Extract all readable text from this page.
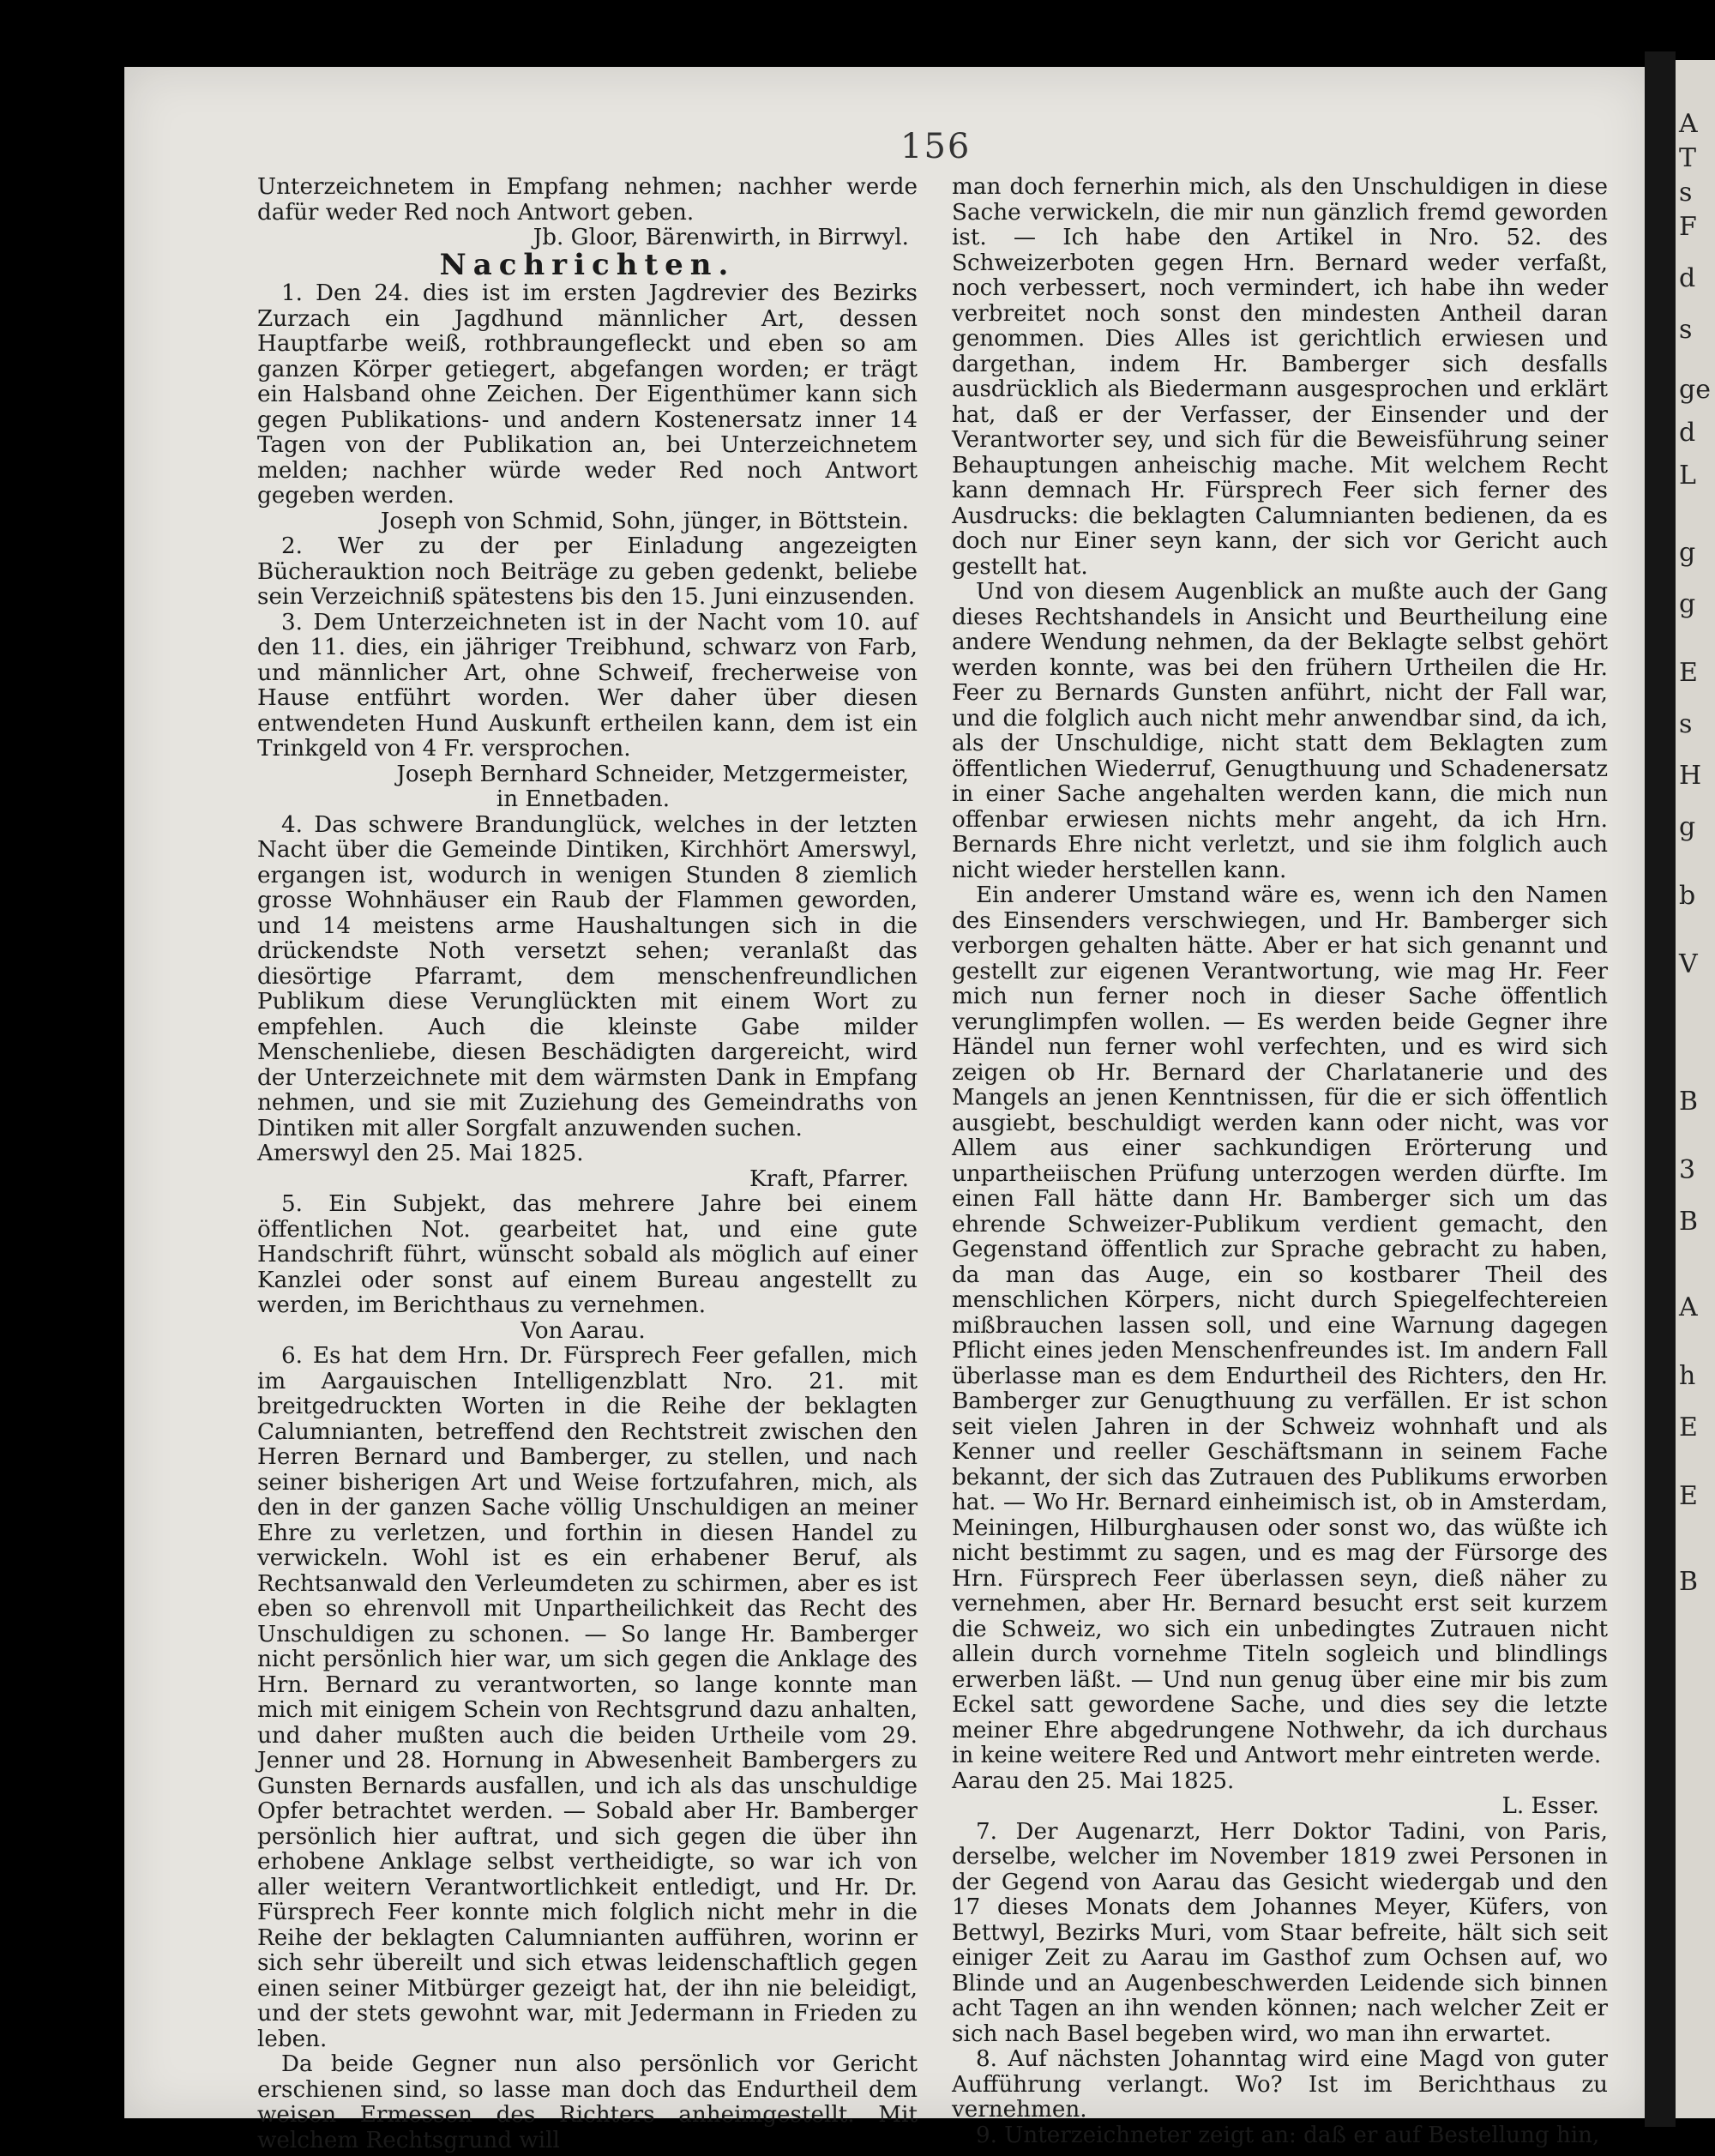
A
T
s
F
d
s
ge
d
L
g
g
E
s
H
g
b
V
B
3
B
A
h
E
E
B
156

Unterzeichnetem in Empfang nehmen; nachher werde dafür weder Red noch Antwort geben.

Jb. Gloor, Bärenwirth, in Birrwyl.

Nachrichten.

1. Den 24. dies ist im ersten Jagdrevier des Bezirks Zurzach ein Jagdhund männlicher Art, dessen Hauptfarbe weiß, rothbraungefleckt und eben so am ganzen Körper getiegert, abgefangen worden; er trägt ein Halsband ohne Zeichen. Der Eigenthümer kann sich gegen Publikations- und andern Kostenersatz inner 14 Tagen von der Publikation an, bei Unterzeichnetem melden; nachher würde weder Red noch Antwort gegeben werden.

Joseph von Schmid, Sohn, jünger, in Böttstein.

2. Wer zu der per Einladung angezeigten Bücherauktion noch Beiträge zu geben gedenkt, beliebe sein Verzeichniß spätestens bis den 15. Juni einzusenden.

3. Dem Unterzeichneten ist in der Nacht vom 10. auf den 11. dies, ein jähriger Treibhund, schwarz von Farb, und männlicher Art, ohne Schweif, frecherweise von Hause entführt worden. Wer daher über diesen entwendeten Hund Auskunft ertheilen kann, dem ist ein Trinkgeld von 4 Fr. versprochen.

Joseph Bernhard Schneider, Metzgermeister,

in Ennetbaden.

4. Das schwere Brandunglück, welches in der letzten Nacht über die Gemeinde Dintiken, Kirchhört Amerswyl, ergangen ist, wodurch in wenigen Stunden 8 ziemlich grosse Wohnhäuser ein Raub der Flammen geworden, und 14 meistens arme Haushaltungen sich in die drückendste Noth versetzt sehen; veranlaßt das diesörtige Pfarramt, dem menschenfreundlichen Publikum diese Verunglückten mit einem Wort zu empfehlen. Auch die kleinste Gabe milder Menschenliebe, diesen Beschädigten dargereicht, wird der Unterzeichnete mit dem wärmsten Dank in Empfang nehmen, und sie mit Zuziehung des Gemeindraths von Dintiken mit aller Sorgfalt anzuwenden suchen.

Amerswyl den 25. Mai 1825.

Kraft, Pfarrer.

5. Ein Subjekt, das mehrere Jahre bei einem öffentlichen Not. gearbeitet hat, und eine gute Handschrift führt, wünscht sobald als möglich auf einer Kanzlei oder sonst auf einem Bureau angestellt zu werden, im Berichthaus zu vernehmen.

Von Aarau.

6. Es hat dem Hrn. Dr. Fürsprech Feer gefallen, mich im Aargauischen Intelligenzblatt Nro. 21. mit breitgedruckten Worten in die Reihe der beklagten Calumnianten, betreffend den Rechtstreit zwischen den Herren Bernard und Bamberger, zu stellen, und nach seiner bisherigen Art und Weise fortzufahren, mich, als den in der ganzen Sache völlig Unschuldigen an meiner Ehre zu verletzen, und forthin in diesen Handel zu verwickeln. Wohl ist es ein erhabener Beruf, als Rechtsanwald den Verleumdeten zu schirmen, aber es ist eben so ehrenvoll mit Unpartheilichkeit das Recht des Unschuldigen zu schonen. — So lange Hr. Bamberger nicht persönlich hier war, um sich gegen die Anklage des Hrn. Bernard zu verantworten, so lange konnte man mich mit einigem Schein von Rechtsgrund dazu anhalten, und daher mußten auch die beiden Urtheile vom 29. Jenner und 28. Hornung in Abwesenheit Bambergers zu Gunsten Bernards ausfallen, und ich als das unschuldige Opfer betrachtet werden. — Sobald aber Hr. Bamberger persönlich hier auftrat, und sich gegen die über ihn erhobene Anklage selbst vertheidigte, so war ich von aller weitern Verantwortlichkeit entledigt, und Hr. Dr. Fürsprech Feer konnte mich folglich nicht mehr in die Reihe der beklagten Calumnianten aufführen, worinn er sich sehr übereilt und sich etwas leidenschaftlich gegen einen seiner Mitbürger gezeigt hat, der ihn nie beleidigt, und der stets gewohnt war, mit Jedermann in Frieden zu leben.

Da beide Gegner nun also persönlich vor Gericht erschienen sind, so lasse man doch das Endurtheil dem weisen Ermessen des Richters anheimgestellt. Mit welchem Rechtsgrund will

man doch fernerhin mich, als den Unschuldigen in diese Sache verwickeln, die mir nun gänzlich fremd geworden ist. — Ich habe den Artikel in Nro. 52. des Schweizerboten gegen Hrn. Bernard weder verfaßt, noch verbessert, noch vermindert, ich habe ihn weder verbreitet noch sonst den mindesten Antheil daran genommen. Dies Alles ist gerichtlich erwiesen und dargethan, indem Hr. Bamberger sich desfalls ausdrücklich als Biedermann ausgesprochen und erklärt hat, daß er der Verfasser, der Einsender und der Verantworter sey, und sich für die Beweisführung seiner Behauptungen anheischig mache. Mit welchem Recht kann demnach Hr. Fürsprech Feer sich ferner des Ausdrucks: die beklagten Calumnianten bedienen, da es doch nur Einer seyn kann, der sich vor Gericht auch gestellt hat.

Und von diesem Augenblick an mußte auch der Gang dieses Rechtshandels in Ansicht und Beurtheilung eine andere Wendung nehmen, da der Beklagte selbst gehört werden konnte, was bei den frühern Urtheilen die Hr. Feer zu Bernards Gunsten anführt, nicht der Fall war, und die folglich auch nicht mehr anwendbar sind, da ich, als der Unschuldige, nicht statt dem Beklagten zum öffentlichen Wiederruf, Genugthuung und Schadenersatz in einer Sache angehalten werden kann, die mich nun offenbar erwiesen nichts mehr angeht, da ich Hrn. Bernards Ehre nicht verletzt, und sie ihm folglich auch nicht wieder herstellen kann.

Ein anderer Umstand wäre es, wenn ich den Namen des Einsenders verschwiegen, und Hr. Bamberger sich verborgen gehalten hätte. Aber er hat sich genannt und gestellt zur eigenen Verantwortung, wie mag Hr. Feer mich nun ferner noch in dieser Sache öffentlich verunglimpfen wollen. — Es werden beide Gegner ihre Händel nun ferner wohl verfechten, und es wird sich zeigen ob Hr. Bernard der Charlatanerie und des Mangels an jenen Kenntnissen, für die er sich öffentlich ausgiebt, beschuldigt werden kann oder nicht, was vor Allem aus einer sachkundigen Erörterung und unpartheiischen Prüfung unterzogen werden dürfte. Im einen Fall hätte dann Hr. Bamberger sich um das ehrende Schweizer-Publikum verdient gemacht, den Gegenstand öffentlich zur Sprache gebracht zu haben, da man das Auge, ein so kostbarer Theil des menschlichen Körpers, nicht durch Spiegelfechtereien mißbrauchen lassen soll, und eine Warnung dagegen Pflicht eines jeden Menschenfreundes ist. Im andern Fall überlasse man es dem Endurtheil des Richters, den Hr. Bamberger zur Genugthuung zu verfällen. Er ist schon seit vielen Jahren in der Schweiz wohnhaft und als Kenner und reeller Geschäftsmann in seinem Fache bekannt, der sich das Zutrauen des Publikums erworben hat. — Wo Hr. Bernard einheimisch ist, ob in Amsterdam, Meiningen, Hilburghausen oder sonst wo, das wüßte ich nicht bestimmt zu sagen, und es mag der Fürsorge des Hrn. Fürsprech Feer überlassen seyn, dieß näher zu vernehmen, aber Hr. Bernard besucht erst seit kurzem die Schweiz, wo sich ein unbedingtes Zutrauen nicht allein durch vornehme Titeln sogleich und blindlings erwerben läßt. — Und nun genug über eine mir bis zum Eckel satt gewordene Sache, und dies sey die letzte meiner Ehre abgedrungene Nothwehr, da ich durchaus in keine weitere Red und Antwort mehr eintreten werde.

Aarau den 25. Mai 1825.

L. Esser.

7. Der Augenarzt, Herr Doktor Tadini, von Paris, derselbe, welcher im November 1819 zwei Personen in der Gegend von Aarau das Gesicht wiedergab und den 17 dieses Monats dem Johannes Meyer, Küfers, von Bettwyl, Bezirks Muri, vom Staar befreite, hält sich seit einiger Zeit zu Aarau im Gasthof zum Ochsen auf, wo Blinde und an Augenbeschwerden Leidende sich binnen acht Tagen an ihn wenden können; nach welcher Zeit er sich nach Basel begeben wird, wo man ihn erwartet.

8. Auf nächsten Johanntag wird eine Magd von guter Aufführung verlangt. Wo? Ist im Berichthaus zu vernehmen.

9. Unterzeichneter zeigt an: daß er auf Bestellung hin,
